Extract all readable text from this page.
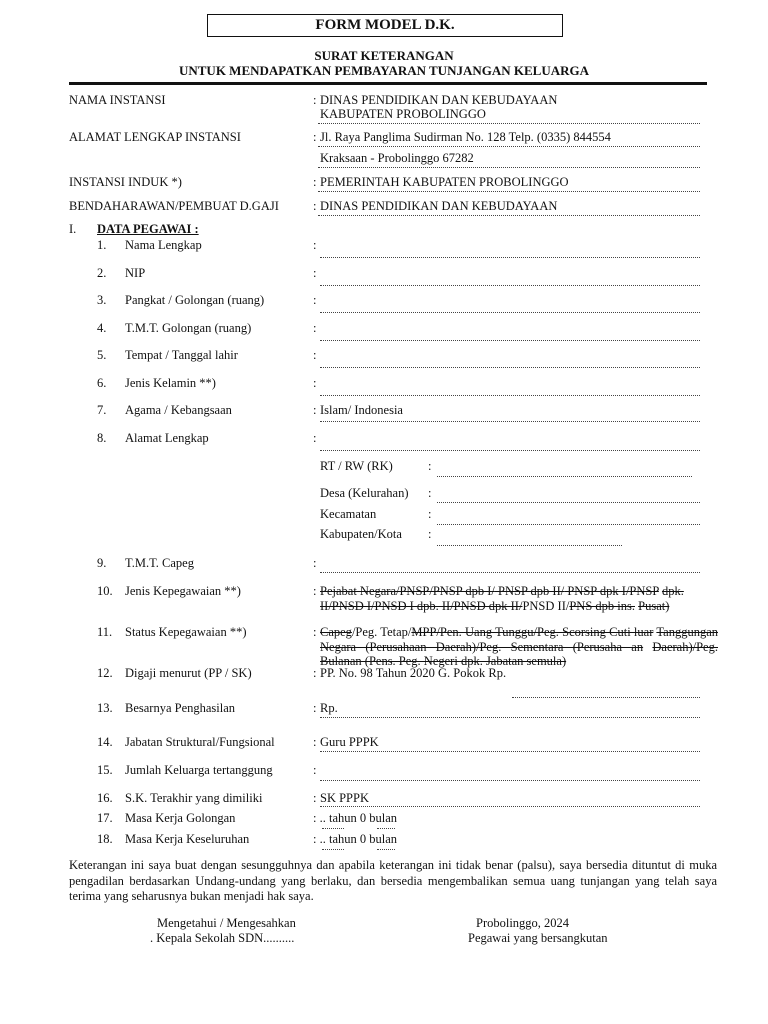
FORM MODEL D.K.
SURAT KETERANGAN
UNTUK MENDAPATKAN PEMBAYARAN TUNJANGAN KELUARGA
NAMA INSTANSI	: DINAS PENDIDIKAN DAN KEBUDAYAAN
KABUPATEN PROBOLINGGO
ALAMAT LENGKAP INSTANSI	: Jl. Raya Panglima Sudirman No. 128 Telp. (0335) 844554
Kraksaan - Probolinggo 67282
INSTANSI INDUK *)	: PEMERINTAH KABUPATEN PROBOLINGGO
BENDAHARAWAN/PEMBUAT D.GAJI	: DINAS PENDIDIKAN DAN KEBUDAYAAN
I. DATA PEGAWAI :
1. Nama Lengkap	:
2. NIP	:
3. Pangkat / Golongan (ruang)	:
4. T.M.T. Golongan (ruang)	:
5. Tempat / Tanggal lahir	:
6. Jenis Kelamin **)	:
7. Agama / Kebangsaan	: Islam/ Indonesia
8. Alamat Lengkap	:
RT / RW (RK)	:
Desa (Kelurahan) :
Kecamatan	:
Kabupaten/Kota :
9. T.M.T. Capeg	:
10. Jenis Kepegawaian **)	: Pejabat Negara/PNSP/PNSP dpb I/ PNSP dpb II/ PNSP dpk I/PNSP dpk. II/PNSD I/PNSD I dpb. II/PNSD dpk II/PNSD II/PNS dpb ins. Pusat)
11. Status Kepegawaian **)	: Capeg/Peg. Tetap/MPP/Pen. Uang Tunggu/Peg. Scorsing Cuti luar Tanggungan Negara (Perusahaan Daerah)/Peg. Sementara (Perusaha an Daerah)/Peg. Bulanan (Pens. Peg. Negeri dpk. Jabatan semula)
12. Digaji menurut (PP / SK)	: PP. No. 98 Tahun 2020 G. Pokok Rp.
13. Besarnya Penghasilan	: Rp.
14. Jabatan Struktural/Fungsional	: Guru PPPK
15. Jumlah Keluarga tertanggung	:
16. S.K. Terakhir yang dimiliki	: SK PPPK
17. Masa Kerja Golongan	: .. tahun 0 bulan
18. Masa Kerja Keseluruhan	: .. tahun 0 bulan
Keterangan ini saya buat dengan sesungguhnya dan apabila keterangan ini tidak benar (palsu), saya bersedia dituntut di muka pengadilan berdasarkan Undang-undang yang berlaku, dan bersedia mengembalikan semua uang tunjangan yang telah saya terima yang seharusnya bukan menjadi hak saya.
Mengetahui / Mengesahkan
. Kepala Sekolah SDN..........
Probolinggo, 2024
Pegawai yang bersangkutan
